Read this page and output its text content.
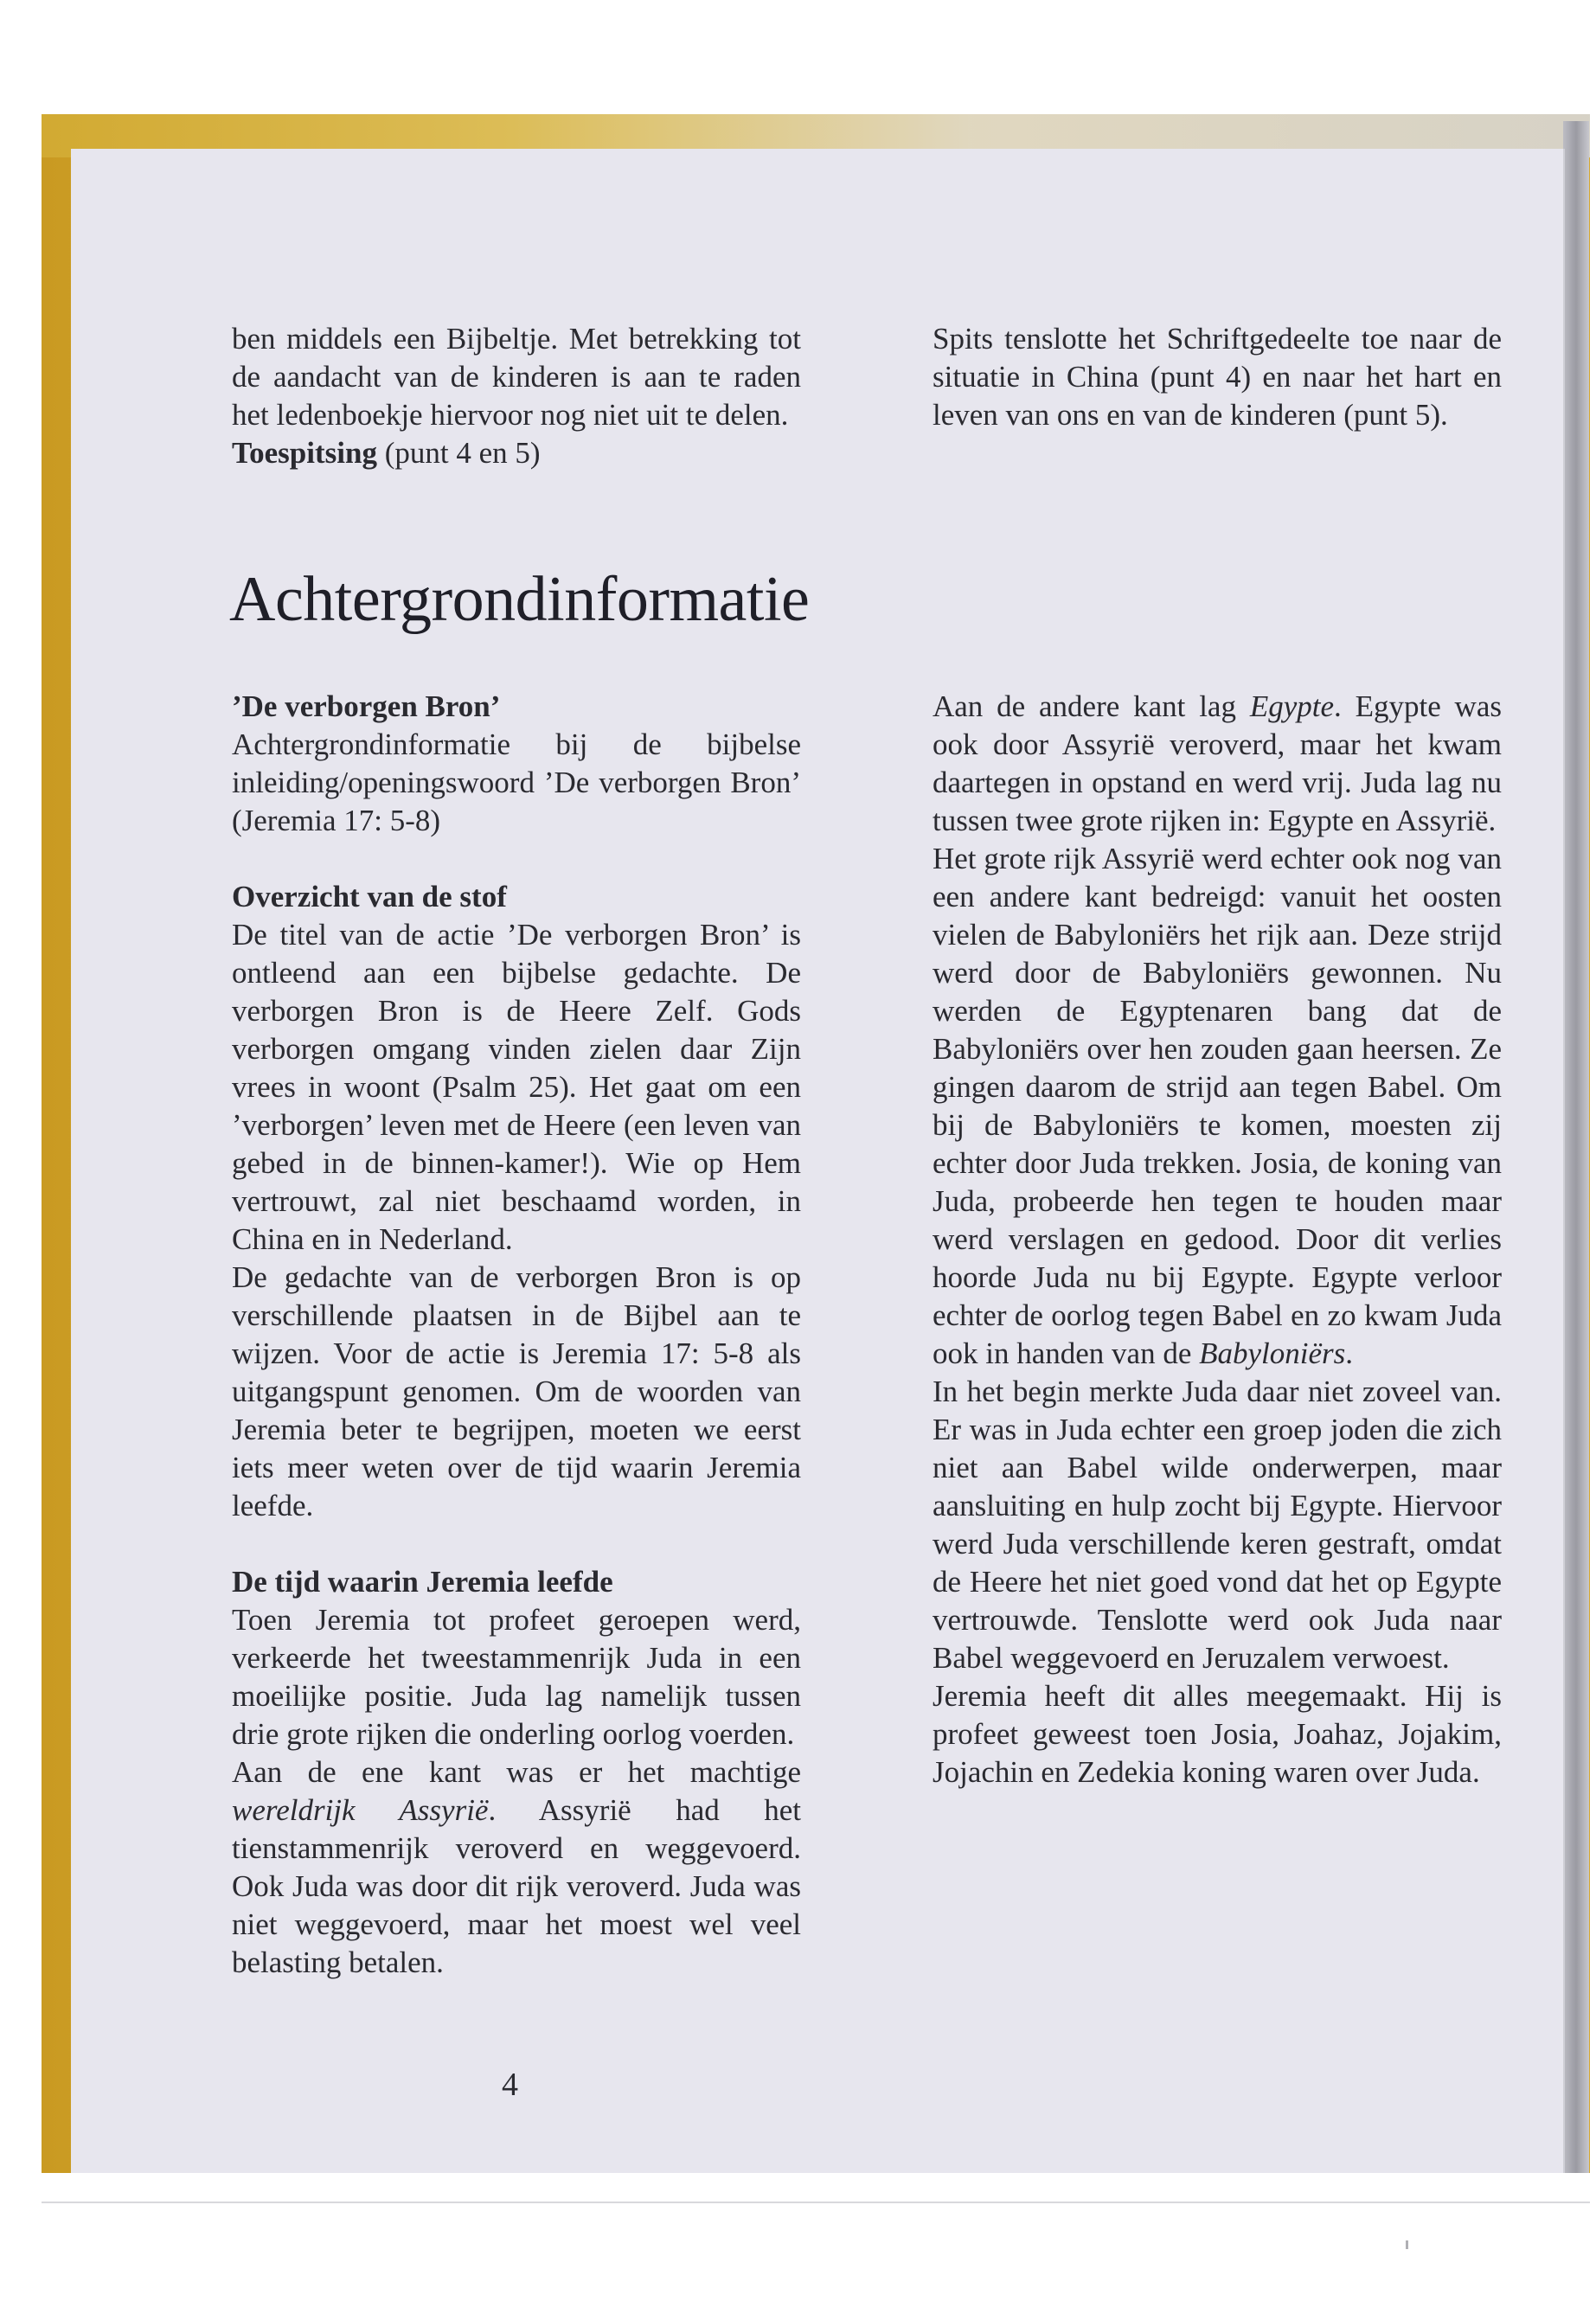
ben middels een Bijbeltje. Met betrekking tot de aandacht van de kinderen is aan te raden het ledenboekje hiervoor nog niet uit te delen.

Toespitsing (punt 4 en 5)

Spits tenslotte het Schriftgedeelte toe naar de situatie in China (punt 4) en naar het hart en leven van ons en van de kinderen (punt 5).

Achtergrondinformatie

’De verborgen Bron’

Achtergrondinformatie bij de bijbelse inleiding/openingswoord ’De verborgen Bron’ (Jeremia 17: 5-8)

Overzicht van de stof

De titel van de actie ’De verborgen Bron’ is ontleend aan een bijbelse gedachte. De verborgen Bron is de Heere Zelf. Gods verborgen omgang vinden zielen daar Zijn vrees in woont (Psalm 25). Het gaat om een ’verborgen’ leven met de Heere (een leven van gebed in de binnen-kamer!). Wie op Hem vertrouwt, zal niet beschaamd worden, in China en in Nederland.

De gedachte van de verborgen Bron is op verschillende plaatsen in de Bijbel aan te wijzen. Voor de actie is Jeremia 17: 5-8 als uitgangspunt genomen. Om de woorden van Jeremia beter te begrijpen, moeten we eerst iets meer weten over de tijd waarin Jeremia leefde.

De tijd waarin Jeremia leefde

Toen Jeremia tot profeet geroepen werd, verkeerde het tweestammenrijk Juda in een moeilijke positie. Juda lag namelijk tussen drie grote rijken die onderling oorlog voerden.

Aan de ene kant was er het machtige wereldrijk Assyrië. Assyrië had het tienstammenrijk veroverd en weggevoerd. Ook Juda was door dit rijk veroverd. Juda was niet weggevoerd, maar het moest wel veel belasting betalen.

Aan de andere kant lag Egypte. Egypte was ook door Assyrië veroverd, maar het kwam daartegen in opstand en werd vrij. Juda lag nu tussen twee grote rijken in: Egypte en Assyrië.

Het grote rijk Assyrië werd echter ook nog van een andere kant bedreigd: vanuit het oosten vielen de Babyloniërs het rijk aan. Deze strijd werd door de Babyloniërs gewonnen. Nu werden de Egyptenaren bang dat de Babyloniërs over hen zouden gaan heersen. Ze gingen daarom de strijd aan tegen Babel. Om bij de Babyloniërs te komen, moesten zij echter door Juda trekken. Josia, de koning van Juda, probeerde hen tegen te houden maar werd verslagen en gedood. Door dit verlies hoorde Juda nu bij Egypte. Egypte verloor echter de oorlog tegen Babel en zo kwam Juda ook in handen van de Babyloniërs.

In het begin merkte Juda daar niet zoveel van. Er was in Juda echter een groep joden die zich niet aan Babel wilde onderwerpen, maar aansluiting en hulp zocht bij Egypte. Hiervoor werd Juda verschillende keren gestraft, omdat de Heere het niet goed vond dat het op Egypte vertrouwde. Tenslotte werd ook Juda naar Babel weggevoerd en Jeruzalem verwoest.

Jeremia heeft dit alles meegemaakt. Hij is profeet geweest toen Josia, Joahaz, Jojakim, Jojachin en Zedekia koning waren over Juda.

4
